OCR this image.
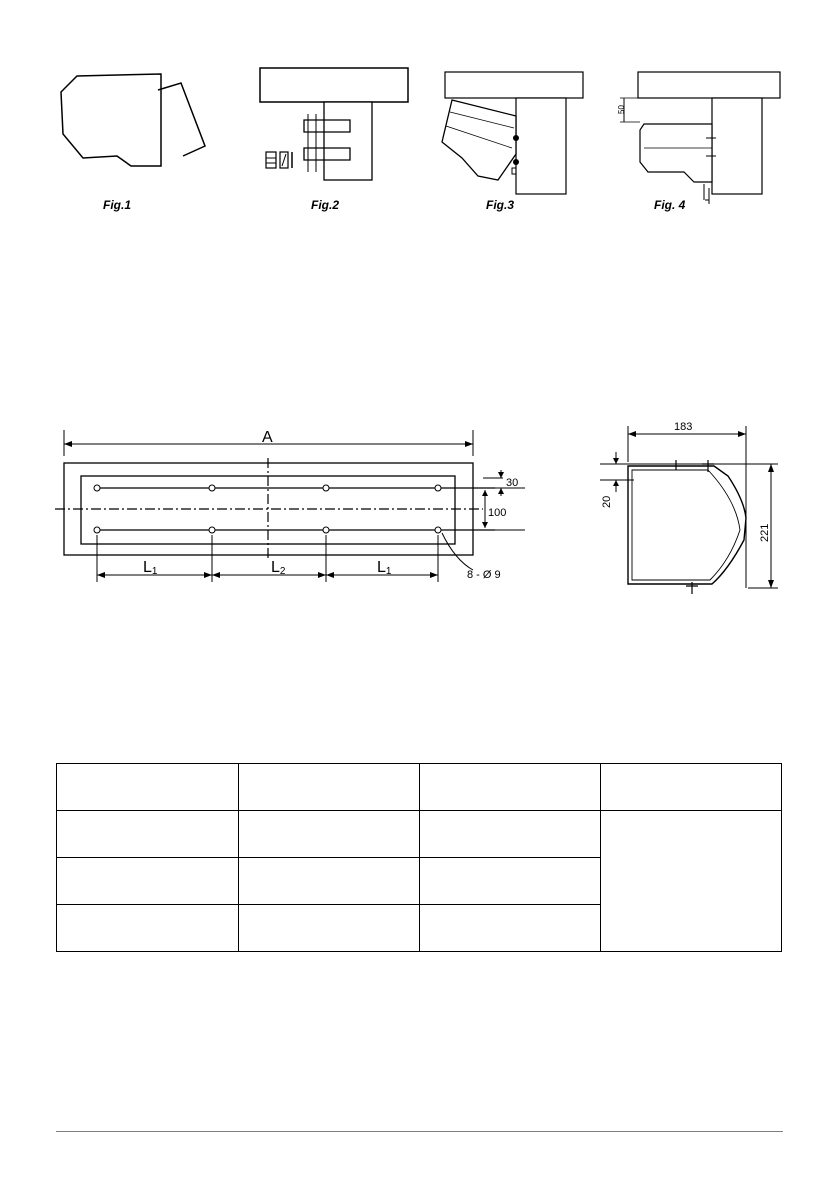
50
Fig.1	Fig.2	Fig.3	Fig. 4
A
30
100
L1	L2	L1	8 - Ø 9
183
20
221
